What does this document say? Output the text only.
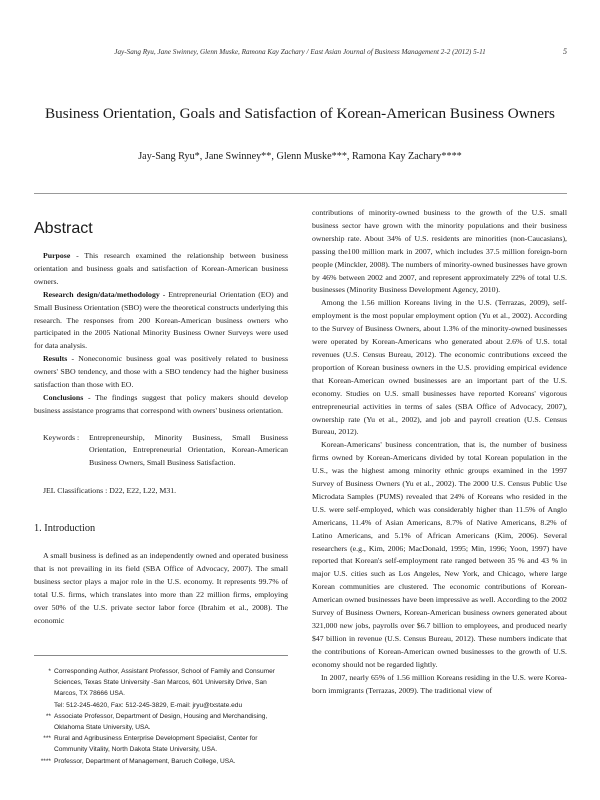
Jay-Sang Ryu, Jane Swinney, Glenn Muske, Ramona Kay Zachary / East Asian Journal of Business Management 2-2 (2012) 5-11	5
Business Orientation, Goals and Satisfaction of Korean-American Business Owners
Jay-Sang Ryu*, Jane Swinney**, Glenn Muske***, Ramona Kay Zachary****
Abstract

Purpose - This research examined the relationship between business orientation and business goals and satisfaction of Korean-American business owners.

Research design/data/methodology - Entrepreneurial Orientation (EO) and Small Business Orientation (SBO) were the theoretical constructs underlying this research. The responses from 200 Korean-American business owners who participated in the 2005 National Minority Business Owner Surveys were used for data analysis.

Results - Noneconomic business goal was positively related to business owners' SBO tendency, and those with a SBO tendency had the higher business satisfaction than those with EO.

Conclusions - The findings suggest that policy makers should develop business assistance programs that correspond with owners' business orientation.

Keywords :	Entrepreneurship, Minority Business, Small Business Orientation, Entrepreneurial Orientation, Korean-American Business Owners, Small Business Satisfaction.
JEL Classifications : D22, E22, L22, M31.
1. Introduction

A small business is defined as an independently owned and operated business that is not prevailing in its field (SBA Office of Advocacy, 2007). The small business sector plays a major role in the U.S. economy. It represents 99.7% of total U.S. firms, which translates into more than 22 million firms, employing over 50% of the U.S. private sector labor force (Ibrahim et al., 2008). The economic

contributions of minority-owned business to the growth of the U.S. small business sector have grown with the minority populations and their business ownership rate. About 34% of U.S. residents are minorities (non-Caucasians), passing the100 million mark in 2007, which includes 37.5 million foreign-born people (Minckler, 2008). The numbers of minority-owned businesses have grown by 46% between 2002 and 2007, and represent approximately 22% of total U.S. businesses (Minority Business Development Agency, 2010).

Among the 1.56 million Koreans living in the U.S. (Terrazas, 2009), self-employment is the most popular employment option (Yu et al., 2002). According to the Survey of Business Owners, about 1.3% of the minority-owned businesses were operated by Korean-Americans who generated about 2.6% of U.S. total revenues (U.S. Census Bureau, 2012). The economic contributions exceed the proportion of Korean business owners in the U.S. providing empirical evidence that Korean-American owned businesses are an important part of the U.S. economy. Studies on U.S. small businesses have reported Koreans' vigorous entrepreneurial activities in terms of sales (SBA Office of Advocacy, 2007), ownership rate (Yu et al., 2002), and job and payroll creation (U.S. Census Bureau, 2012).

Korean-Americans' business concentration, that is, the number of business firms owned by Korean-Americans divided by total Korean population in the U.S., was the highest among minority ethnic groups examined in the 1997 Survey of Business Owners (Yu et al., 2002). The 2000 U.S. Census Public Use Microdata Samples (PUMS) revealed that 24% of Koreans who resided in the U.S. were self-employed, which was considerably higher than 11.5% of Anglo Americans, 11.4% of Asian Americans, 8.7% of Native Americans, 8.2% of Latino Americans, and 5.1% of African Americans (Kim, 2006). Several researchers (e.g., Kim, 2006; MacDonald, 1995; Min, 1996; Yoon, 1997) have reported that Korean's self-employment rate ranged between 35 % and 43 % in major U.S. cities such as Los Angeles, New York, and Chicago, where large Korean communities are clustered. The economic contributions of Korean-American owned businesses have been impressive as well. According to the 2002 Survey of Business Owners, Korean-American business owners generated about 321,000 new jobs, payrolls over $6.7 billion to employees, and produced nearly $47 billion in revenue (U.S. Census Bureau, 2012). These numbers indicate that the contributions of Korean-American owned businesses to the growth of U.S. economy should not be regarded lightly.

In 2007, nearly 65% of 1.56 million Koreans residing in the U.S. were Korea-born immigrants (Terrazas, 2009). The traditional view of

* Corresponding Author, Assistant Professor, School of Family and Consumer Sciences, Texas State University -San Marcos, 601 University Drive, San Marcos, TX 78666 USA.
Tel: 512-245-4620, Fax: 512-245-3829, E-mail: jryu@txstate.edu
** Associate Professor, Department of Design, Housing and Merchandising, Oklahoma State University, USA.
*** Rural and Agribusiness Enterprise Development Specialist, Center for Community Vitality, North Dakota State University, USA.
**** Professor, Department of Management, Baruch College, USA.
